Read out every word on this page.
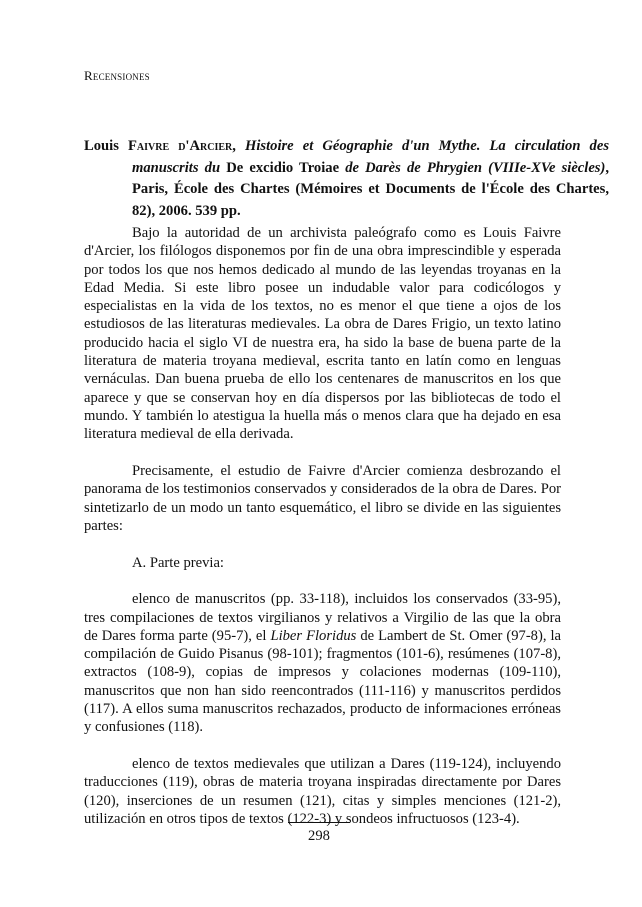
Recensiones
Louis Faivre d'Arcier, Histoire et Géographie d'un Mythe. La circulation des manuscrits du De excidio Troiae de Darès de Phrygien (VIIIe-XVe siècles), Paris, École des Chartes (Mémoires et Documents de l'École des Chartes, 82), 2006. 539 pp.

Bajo la autoridad de un archivista paleógrafo como es Louis Faivre d'Arcier, los filólogos disponemos por fin de una obra imprescindible y esperada por todos los que nos hemos dedicado al mundo de las leyendas troyanas en la Edad Media. Si este libro posee un indudable valor para codicólogos y especialistas en la vida de los textos, no es menor el que tiene a ojos de los estudiosos de las literaturas medievales. La obra de Dares Frigio, un texto latino producido hacia el siglo VI de nuestra era, ha sido la base de buena parte de la literatura de materia troyana medieval, escrita tanto en latín como en lenguas vernáculas. Dan buena prueba de ello los centenares de manuscritos en los que aparece y que se conservan hoy en día dispersos por las bibliotecas de todo el mundo. Y también lo atestigua la huella más o menos clara que ha dejado en esa literatura medieval de ella derivada.

Precisamente, el estudio de Faivre d'Arcier comienza desbrozando el panorama de los testimonios conservados y considerados de la obra de Dares. Por sintetizarlo de un modo un tanto esquemático, el libro se divide en las siguientes partes:

A. Parte previa:

elenco de manuscritos (pp. 33-118), incluidos los conservados (33-95), tres compilaciones de textos virgilianos y relativos a Virgilio de las que la obra de Dares forma parte (95-7), el Liber Floridus de Lambert de St. Omer (97-8), la compilación de Guido Pisanus (98-101); fragmentos (101-6), resúmenes (107-8), extractos (108-9), copias de impresos y colaciones modernas (109-110), manuscritos que non han sido reencontrados (111-116) y manuscritos perdidos (117). A ellos suma manuscritos rechazados, producto de informaciones erróneas y confusiones (118).

elenco de textos medievales que utilizan a Dares (119-124), incluyendo traducciones (119), obras de materia troyana inspiradas directamente por Dares (120), inserciones de un resumen (121), citas y simples menciones (121-2), utilización en otros tipos de textos (122-3) y sondeos infructuosos (123-4).

298
